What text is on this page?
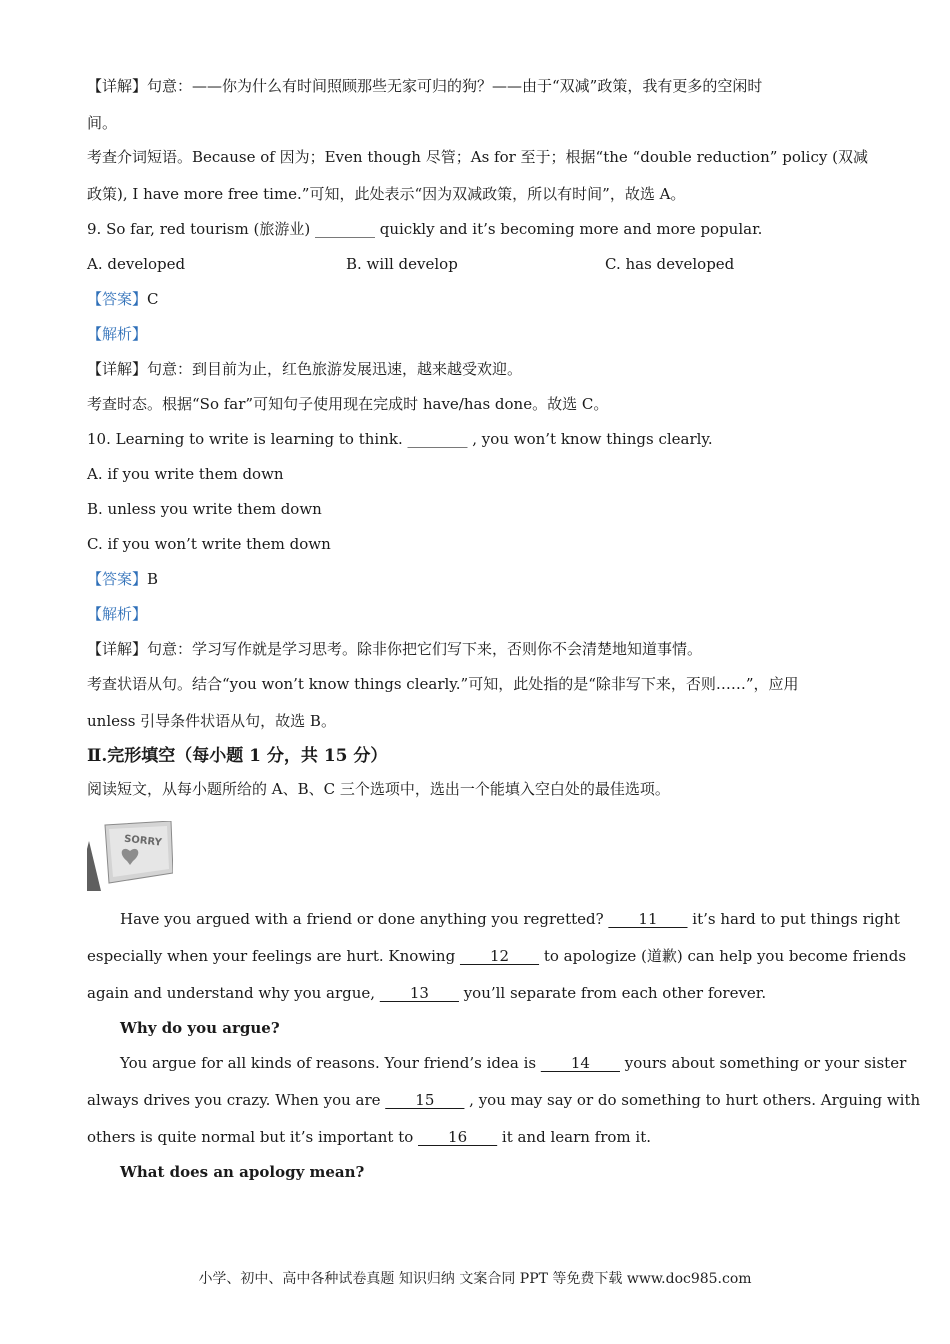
【详解】句意：——你为什么有时间照顾那些无家可归的狗？——由于“双减”政策，我有更多的空闲时

间。

考查介词短语。Because of 因为；Even though 尽管；As for 至于；根据“the “double reduction” policy (双减

政策), I have more free time.”可知，此处表示“因为双减政策，所以有时间”，故选 A。

9. So far, red tourism (旅游业) ________ quickly and it’s becoming more and more popular.

A. developed	B. will develop	C. has developed

【答案】C

【解析】

【详解】句意：到目前为止，红色旅游发展迅速，越来越受欢迎。

考查时态。根据“So far”可知句子使用现在完成时 have/has done。故选 C。

10. Learning to write is learning to think. ________ , you won’t know things clearly.

A. if you write them down

B. unless you write them down

C. if you won’t write them down

【答案】B

【解析】

【详解】句意：学习写作就是学习思考。除非你把它们写下来，否则你不会清楚地知道事情。

考查状语从句。结合“you won’t know things clearly.”可知，此处指的是“除非写下来，否则……”，应用

unless 引导条件状语从句，故选 B。

Ⅱ.完形填空（每小题 1 分，共 15 分）

阅读短文，从每小题所给的 A、B、C 三个选项中，选出一个能填入空白处的最佳选项。

SORRY

Have you argued with a friend or done anything you regretted? ____11____ it’s hard to put things right

especially when your feelings are hurt. Knowing ____12____ to apologize (道歉) can help you become friends

again and understand why you argue, ____13____ you’ll separate from each other forever.

Why do you argue?

You argue for all kinds of reasons. Your friend’s idea is ____14____ yours about something or your sister

always drives you crazy. When you are ____15____ , you may say or do something to hurt others. Arguing with

others is quite normal but it’s important to ____16____ it and learn from it.

What does an apology mean?

小学、初中、高中各种试卷真题 知识归纳 文案合同 PPT 等免费下载 www.doc985.com
